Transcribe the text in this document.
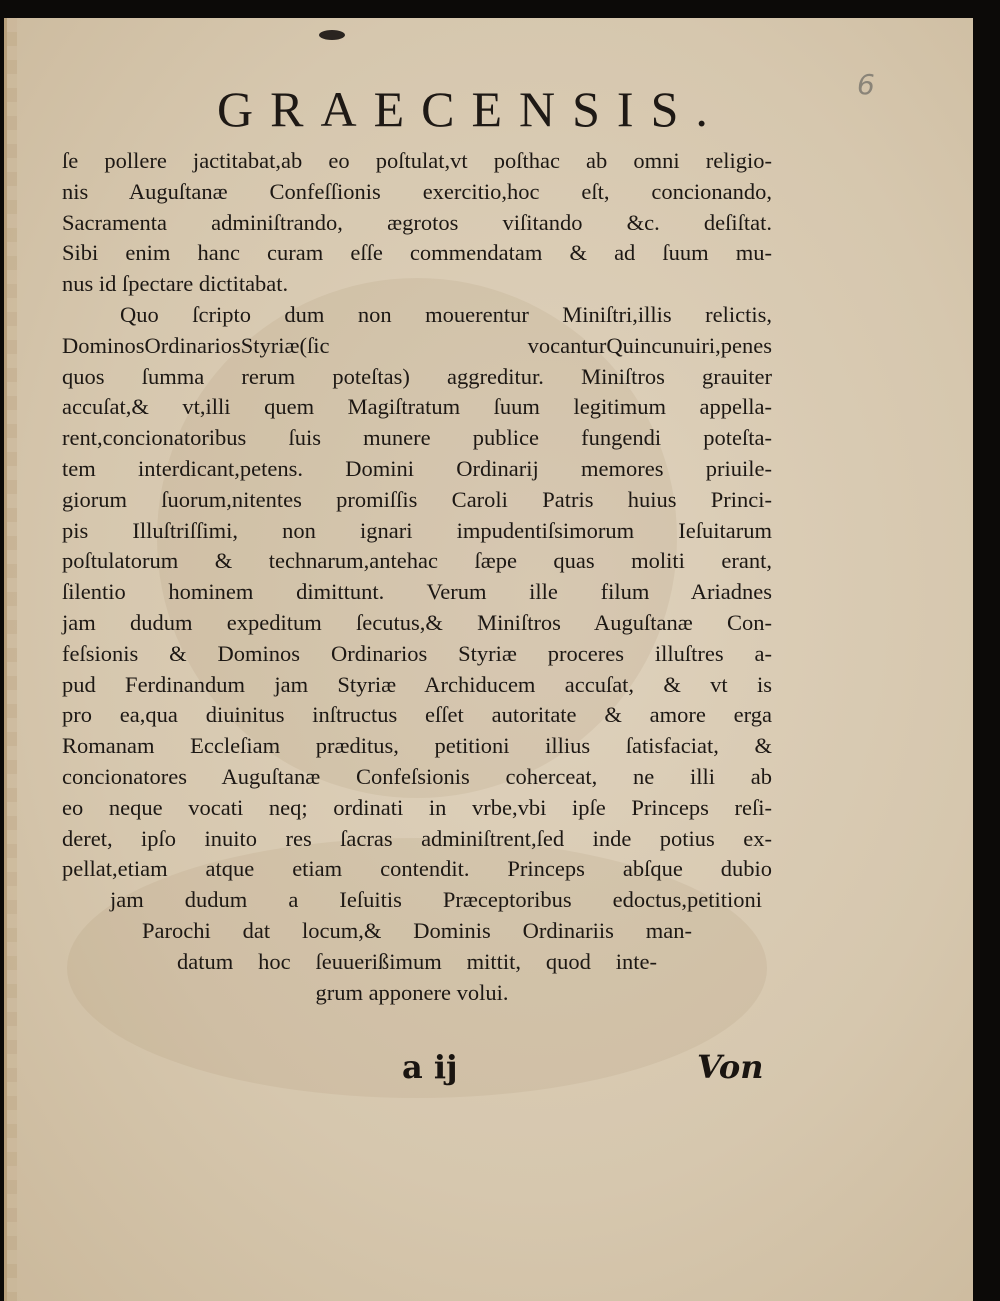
6
GRAECENSIS.
ſe pollere jactitabat,ab eo poſtulat,vt poſthac ab omni religio-
nis Auguſtanæ Confeſſionis exercitio,hoc eſt, concionando,
Sacramenta adminiſtrando, ægrotos viſitando &c. deſiſtat.
Sibi enim hanc curam eſſe commendatam & ad ſuum mu-
nus id ſpectare dictitabat.
Quo ſcripto dum non mouerentur Miniſtri,illis relictis,
DominosOrdinariosStyriæ(ſic vocanturQuincunuiri,penes
quos ſumma rerum poteſtas) aggreditur. Miniſtros grauiter
accuſat,& vt,illi quem Magiſtratum ſuum legitimum appella-
rent,concionatoribus ſuis munere publice fungendi poteſta-
tem interdicant,petens. Domini Ordinarij memores priuile-
giorum ſuorum,nitentes promiſſis Caroli Patris huius Princi-
pis Illuſtriſſimi, non ignari impudentiſsimorum Ieſuitarum
poſtulatorum & technarum,antehac ſæpe quas moliti erant,
ſilentio hominem dimittunt. Verum ille filum Ariadnes
jam dudum expeditum ſecutus,& Miniſtros Auguſtanæ Con-
feſsionis & Dominos Ordinarios Styriæ proceres illuſtres a-
pud Ferdinandum jam Styriæ Archiducem accuſat, & vt is
pro ea,qua diuinitus inſtructus eſſet autoritate & amore erga
Romanam Eccleſiam præditus, petitioni illius ſatisfaciat, &
concionatores Auguſtanæ Confeſsionis coherceat, ne illi ab
eo neque vocati neq; ordinati in vrbe,vbi ipſe Princeps reſi-
deret, ipſo inuito res ſacras adminiſtrent,ſed inde potius ex-
pellat,etiam atque etiam contendit. Princeps abſque dubio
jam dudum a Ieſuitis Præceptoribus edoctus,petitioni
Parochi dat locum,& Dominis Ordinariis man-
datum hoc ſeuuerißimum mittit, quod inte-
grum apponere volui.
a ij	Von
